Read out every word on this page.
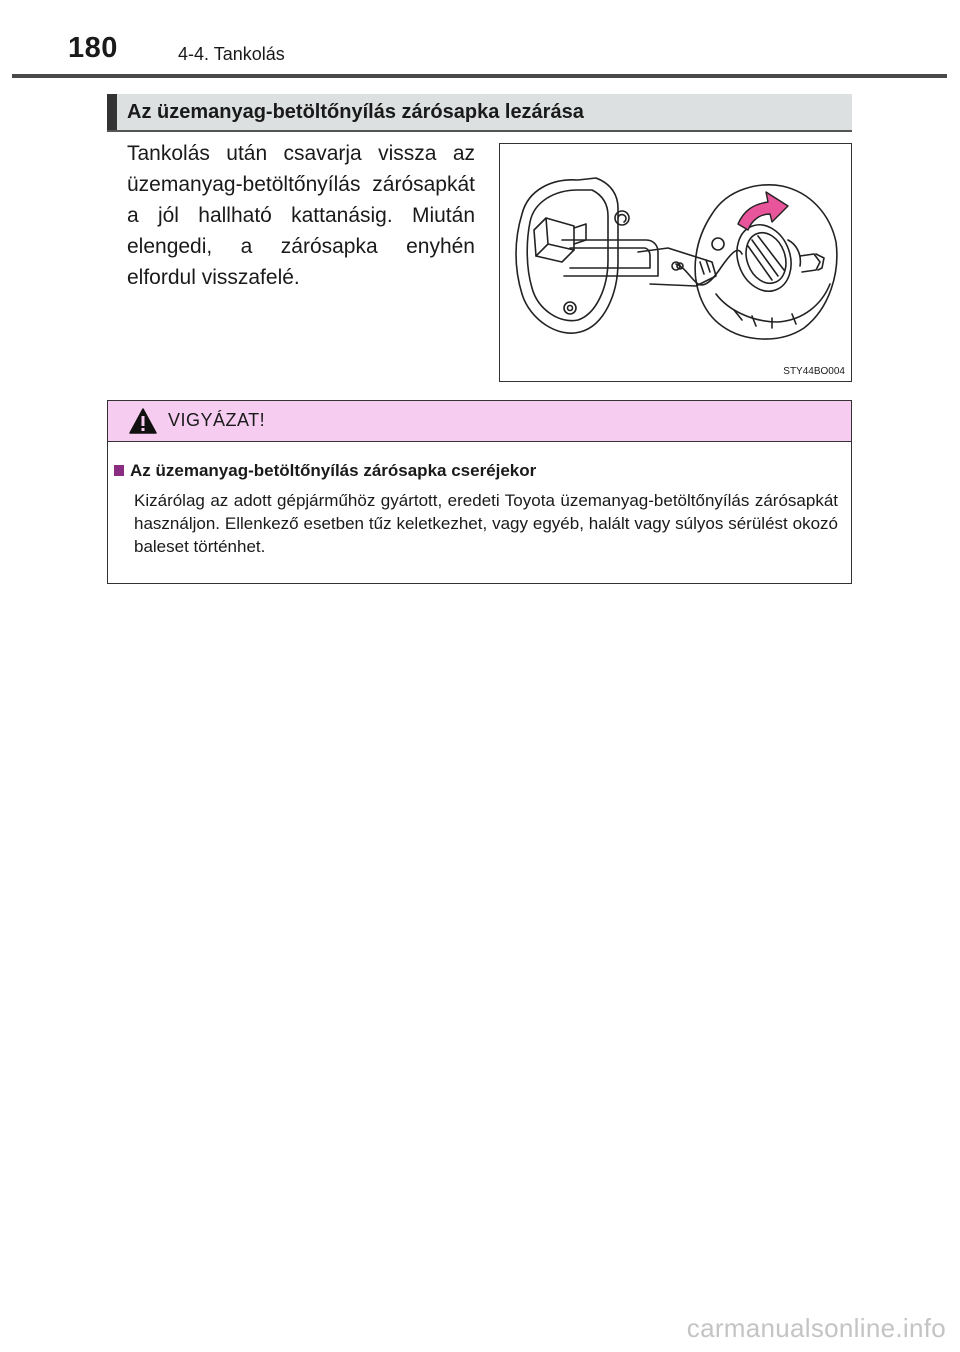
180	4-4. Tankolás
Az üzemanyag-betöltőnyílás zárósapka lezárása
Tankolás után csavarja vissza az üzemanyag-betöltőnyílás zárósapkát a jól hallható kattanásig. Miután elengedi, a zárósapka enyhén elfordul visszafelé.
STY44BO004
VIGYÁZAT!
Az üzemanyag-betöltőnyílás zárósapka cseréjekor
Kizárólag az adott gépjárműhöz gyártott, eredeti Toyota üzemanyag-betöltőnyílás zárósapkát használjon. Ellenkező esetben tűz keletkezhet, vagy egyéb, halált vagy súlyos sérülést okozó baleset történhet.
carmanualsonline.info
